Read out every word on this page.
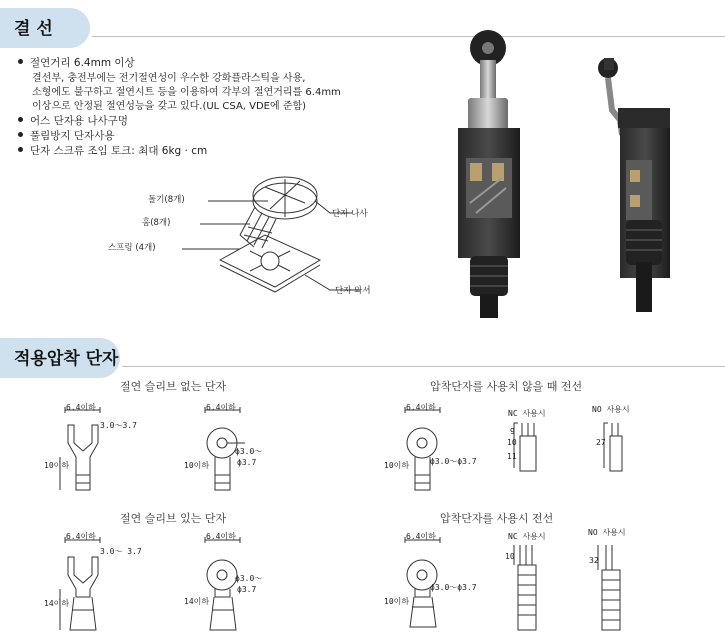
결 선
절연거리 6.4mm 이상
결선부, 충전부에는 전기절연성이 우수한 강화플라스틱을 사용,
소형에도 불구하고 절연시트 등을 이용하여 각부의 절연거리를 6.4mm
이상으로 안정된 절연성능을 갖고 있다.(UL CSA, VDE에 준함)
어스 단자용 나사구멍
풀림방지 단자사용
단자 스크류 조임 토크: 최대 6kg · cm
돌기(8개)
홈(8개)
스프링 (4개)
단자 나사
단자 와셔
적용압착 단자
절연 슬리브 없는 단자	압착단자를 사용치 않을 때 전선
절연 슬리브 있는 단자	압착단자를 사용시 전선
6.4이하
3.0～3.7
10이하
6.4이하
ϕ3.0～
ϕ3.7
10이하
6.4이하
ϕ3.0～ϕ3.7
10이하
NC 사용시
9
10
11
NO 사용시
27
6.4이하
3.0～ 3.7
14이하
6.4이하
ϕ3.0～
ϕ3.7
14이하
6.4이하
ϕ3.0～ϕ3.7
10이하
NC 사용시
10
NO 사용시
32
